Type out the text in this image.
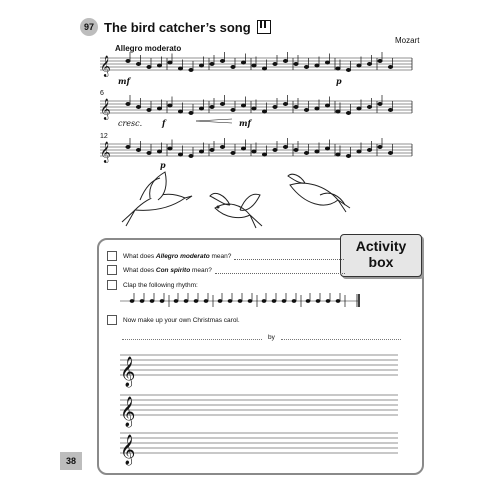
97 The bird catcher’s song
Mozart
Allegro moderato
𝄞
𝄞
𝄞
mf	p
cresc. f	mf
p
6
12
Activity
box
What does Allegro moderato mean?
What does Con spirito mean?
Clap the following rhythm:
Now make up your own Christmas carol.
by
𝄞
𝄞
𝄞
38
